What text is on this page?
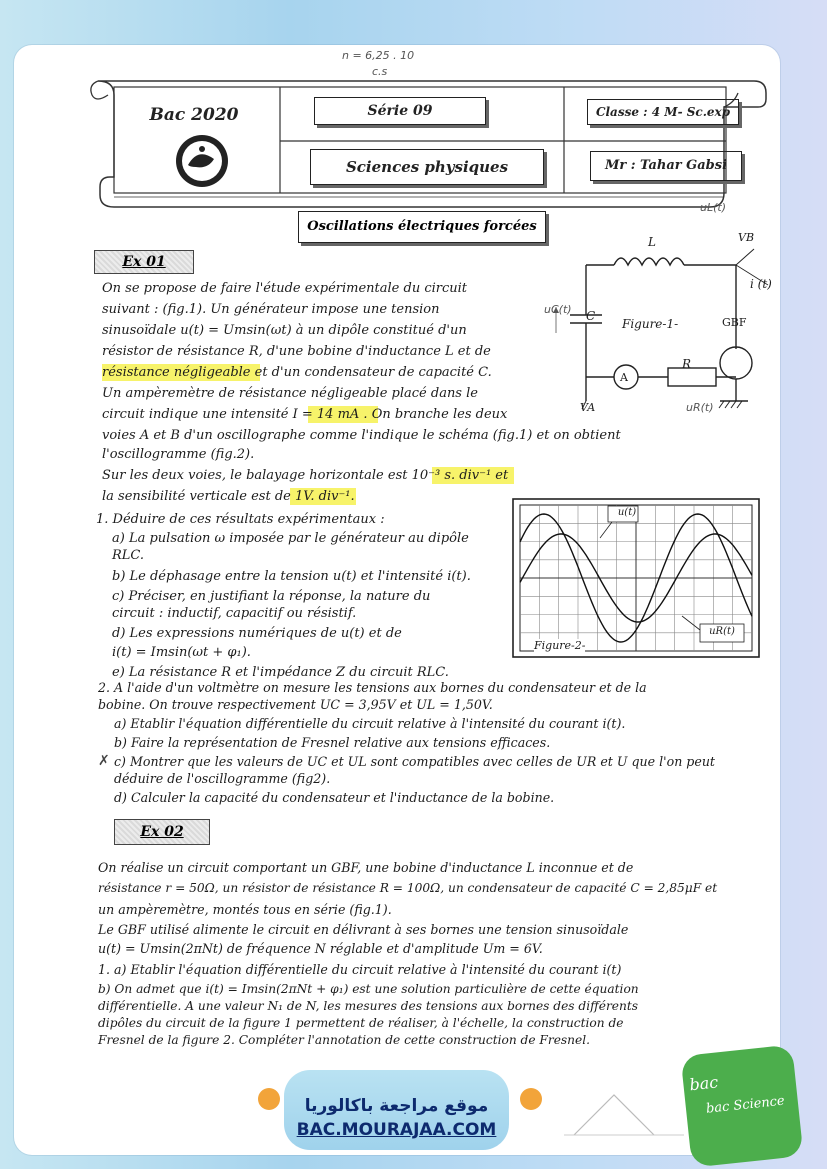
n = 6,25 . 10
c.s
Bac 2020	Série 09	Classe : 4 M- Sc.exp
Sciences physiques	Mr : Tahar Gabsi
Oscillations électriques forcées
Ex 01
On se propose de faire l'étude expérimentale du circuit
suivant : (fig.1). Un générateur impose une tension
sinusoïdale u(t) = Umsin(ωt) à un dipôle constitué d'un
résistor de résistance R, d'une bobine d'inductance L et de
résistance négligeable et d'un condensateur de capacité C.
Un ampèremètre de résistance négligeable placé dans le
circuit indique une intensité I = 14 mA . On branche les deux
voies A et B d'un oscillographe comme l'indique le schéma (fig.1) et on obtient
l'oscillogramme (fig.2).
Sur les deux voies, le balayage horizontale est 10⁻³ s. div⁻¹ et
la sensibilité verticale est de 1V. div⁻¹.
1. Déduire de ces résultats expérimentaux :
a) La pulsation ω imposée par le générateur au dipôle
RLC.
b) Le déphasage entre la tension u(t) et l'intensité i(t).
c) Préciser, en justifiant la réponse, la nature du
circuit : inductif, capacitif ou résistif.
d) Les expressions numériques de u(t) et de
i(t) = Imsin(ωt + φ₁).
e) La résistance R et l'impédance Z du circuit RLC.
2. A l'aide d'un voltmètre on mesure les tensions aux bornes du condensateur et de la
bobine. On trouve respectivement UC = 3,95V et UL = 1,50V.
a) Etablir l'équation différentielle du circuit relative à l'intensité du courant i(t).
b) Faire la représentation de Fresnel relative aux tensions efficaces.
c) Montrer que les valeurs de UC et UL sont compatibles avec celles de UR et U que l'on peut
déduire de l'oscillogramme (fig2).
d) Calculer la capacité du condensateur et l'inductance de la bobine.
✗
L
C
R
Figure-1-	GBF
A
i (t)
VB
VA
uC(t)
uL(t)
uR(t)
u(t)
uR(t)
Figure-2-
Ex 02
On réalise un circuit comportant un GBF, une bobine d'inductance L inconnue et de
résistance r = 50Ω, un résistor de résistance R = 100Ω, un condensateur de capacité C = 2,85μF et
un ampèremètre, montés tous en série (fig.1).
Le GBF utilisé alimente le circuit en délivrant à ses bornes une tension sinusoïdale
u(t) = Umsin(2πNt) de fréquence N réglable et d'amplitude Um = 6V.
1. a) Etablir l'équation différentielle du circuit relative à l'intensité du courant i(t)
b) On admet que i(t) = Imsin(2πNt + φ₁) est une solution particulière de cette équation
différentielle. A une valeur N₁ de N, les mesures des tensions aux bornes des différents
dipôles du circuit de la figure 1 permettent de réaliser, à l'échelle, la construction de
Fresnel de la figure 2. Compléter l'annotation de cette construction de Fresnel.
موقع مراجعة باكالوريا
BAC.MOURAJAA.COM
bac
bac Science
